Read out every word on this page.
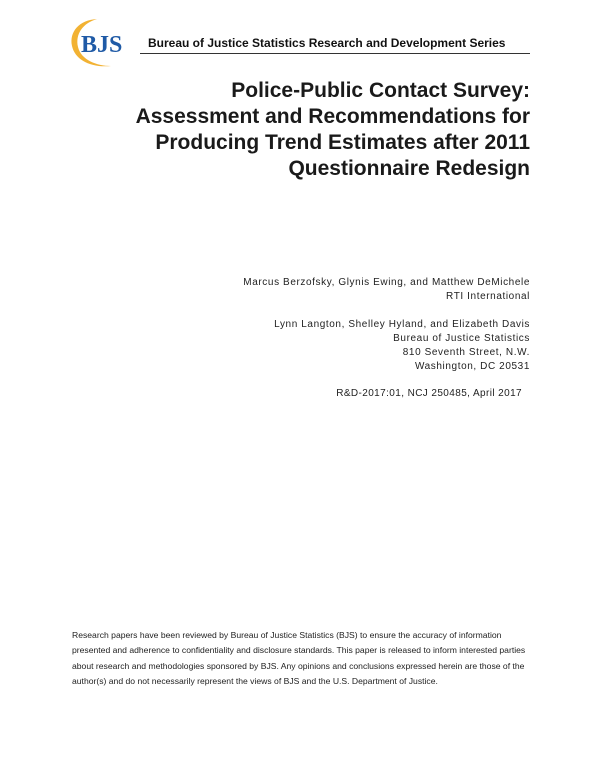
BJS Bureau of Justice Statistics Research and Development Series
Police-Public Contact Survey:
Assessment and Recommendations for
Producing Trend Estimates after 2011
Questionnaire Redesign
Marcus Berzofsky, Glynis Ewing, and Matthew DeMichele
RTI International
Lynn Langton, Shelley Hyland, and Elizabeth Davis
Bureau of Justice Statistics
810 Seventh Street, N.W.
Washington, DC 20531
R&D-2017:01, NCJ 250485, April 2017
Research papers have been reviewed by Bureau of Justice Statistics (BJS) to ensure the accuracy of information presented and adherence to confidentiality and disclosure standards. This paper is released to inform interested parties about research and methodologies sponsored by BJS. Any opinions and conclusions expressed herein are those of the author(s) and do not necessarily represent the views of BJS and the U.S. Department of Justice.
